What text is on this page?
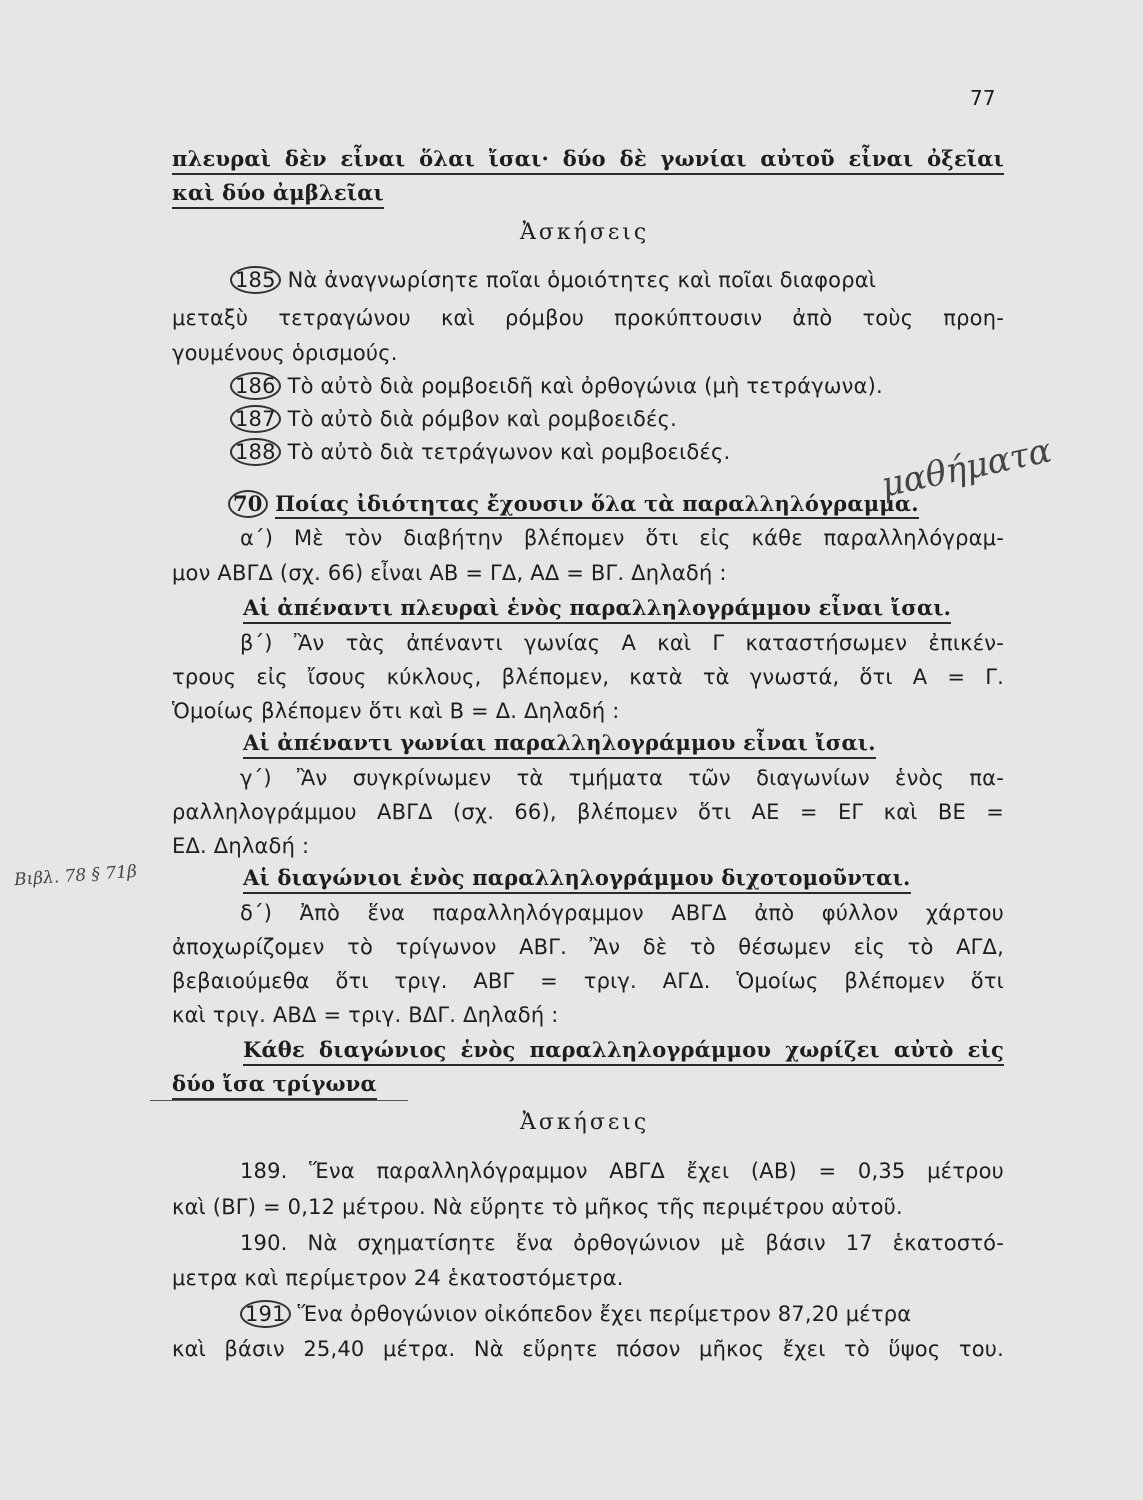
77
πλευραὶ δὲν εἶναι ὅλαι ἴσαι· δύο δὲ γωνίαι αὐτοῦ εἶναι ὀξεῖαι
καὶ δύο ἀμβλεῖαι
Ἀσκήσεις
185 Νὰ ἀναγνωρίσητε ποῖαι ὁμοιότητες καὶ ποῖαι διαφοραὶ
μεταξὺ τετραγώνου καὶ ρόμβου προκύπτουσιν ἀπὸ τοὺς προη-
γουμένους ὁρισμούς.
186 Τὸ αὐτὸ διὰ ρομβοειδῆ καὶ ὀρθογώνια (μὴ τετράγωνα).
187 Τὸ αὐτὸ διὰ ρόμβον καὶ ρομβοειδές.
188 Τὸ αὐτὸ διὰ τετράγωνον καὶ ρομβοειδές.
70 Ποίας ἰδιότητας ἔχουσιν ὅλα τὰ παραλληλόγραμμα.
α΄) Μὲ τὸν διαβήτην βλέπομεν ὅτι εἰς κάθε παραλληλόγραμ-
μον ΑΒΓΔ (σχ. 66) εἶναι ΑΒ = ΓΔ, ΑΔ = ΒΓ. Δηλαδή :
Αἱ ἀπέναντι πλευραὶ ἑνὸς παραλληλογράμμου εἶναι ἴσαι.
β΄) Ἂν τὰς ἀπέναντι γωνίας Α καὶ Γ καταστήσωμεν ἐπικέν-
τρους εἰς ἴσους κύκλους, βλέπομεν, κατὰ τὰ γνωστά, ὅτι Α = Γ.
Ὁμοίως βλέπομεν ὅτι καὶ Β = Δ. Δηλαδή :
Αἱ ἀπέναντι γωνίαι παραλληλογράμμου εἶναι ἴσαι.
γ΄) Ἂν συγκρίνωμεν τὰ τμήματα τῶν διαγωνίων ἑνὸς πα-
ραλληλογράμμου ΑΒΓΔ (σχ. 66), βλέπομεν ὅτι ΑΕ = ΕΓ καὶ ΒΕ =
ΕΔ. Δηλαδή :
Αἱ διαγώνιοι ἑνὸς παραλληλογράμμου διχοτομοῦνται.
δ΄) Ἀπὸ ἕνα παραλληλόγραμμον ΑΒΓΔ ἀπὸ φύλλον χάρτου
ἀποχωρίζομεν τὸ τρίγωνον ΑΒΓ. Ἂν δὲ τὸ θέσωμεν εἰς τὸ ΑΓΔ,
βεβαιούμεθα ὅτι τριγ. ΑΒΓ = τριγ. ΑΓΔ. Ὁμοίως βλέπομεν ὅτι
καὶ τριγ. ΑΒΔ = τριγ. ΒΔΓ. Δηλαδή :
Κάθε διαγώνιος ἑνὸς παραλληλογράμμου χωρίζει αὐτὸ εἰς
δύο ἴσα τρίγωνα
Ἀσκήσεις
189. Ἕνα παραλληλόγραμμον ΑΒΓΔ ἔχει (ΑΒ) = 0,35 μέτρου
καὶ (ΒΓ) = 0,12 μέτρου. Νὰ εὕρητε τὸ μῆκος τῆς περιμέτρου αὐτοῦ.
190. Νὰ σχηματίσητε ἕνα ὀρθογώνιον μὲ βάσιν 17 ἑκατοστό-
μετρα καὶ περίμετρον 24 ἑκατοστόμετρα.
191 Ἕνα ὀρθογώνιον οἰκόπεδον ἔχει περίμετρον 87,20 μέτρα
καὶ βάσιν 25,40 μέτρα. Νὰ εὕρητε πόσον μῆκος ἔχει τὸ ὕψος του.
Βιβλ. 78 § 71β
μαθήματα
